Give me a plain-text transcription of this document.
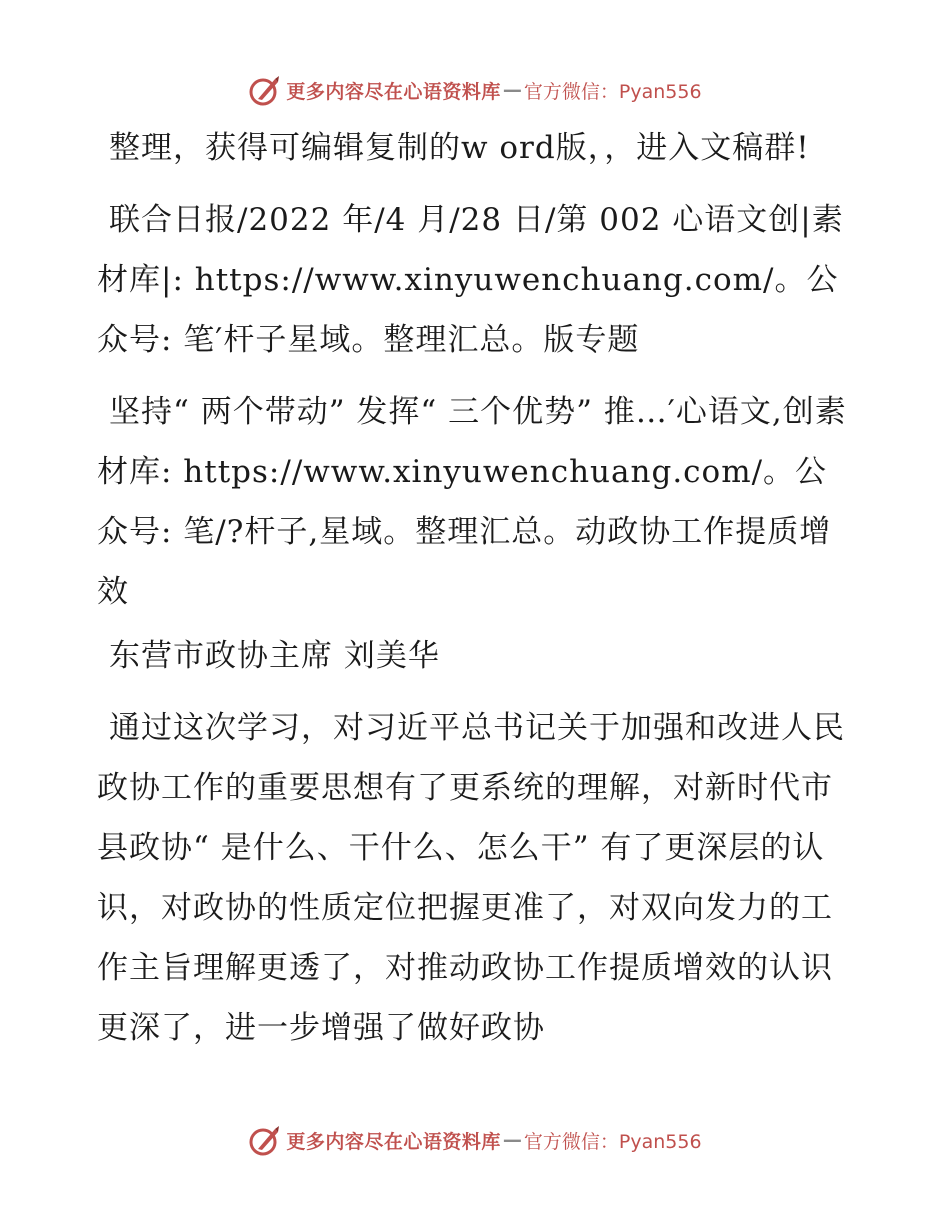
更多内容尽在心语资料库 — 官方微信：Pyan556

整理，获得可编辑复制的w ord版，，进入文稿群!

联合日报/2022 年/4 月/28 日/第 002 心语文创|素材库|: https://www.xinyuwenchuang.com/。公众号: 笔′杆子星域。整理汇总。版专题

坚持“ 两个带动” 发挥“ 三个优势” 推…′心语文,创素材库: https://www.xinyuwenchuang.com/。公众号: 笔/?杆子,星域。整理汇总。动政协工作提质增效

东营市政协主席 刘美华

通过这次学习，对习近平总书记关于加强和改进人民政协工作的重要思想有了更系统的理解，对新时代市县政协“ 是什么、干什么、怎么干” 有了更深层的认识，对政协的性质定位把握更准了，对双向发力的工作主旨理解更透了，对推动政协工作提质增效的认识更深了，进一步增强了做好政协

更多内容尽在心语资料库 — 官方微信：Pyan556
